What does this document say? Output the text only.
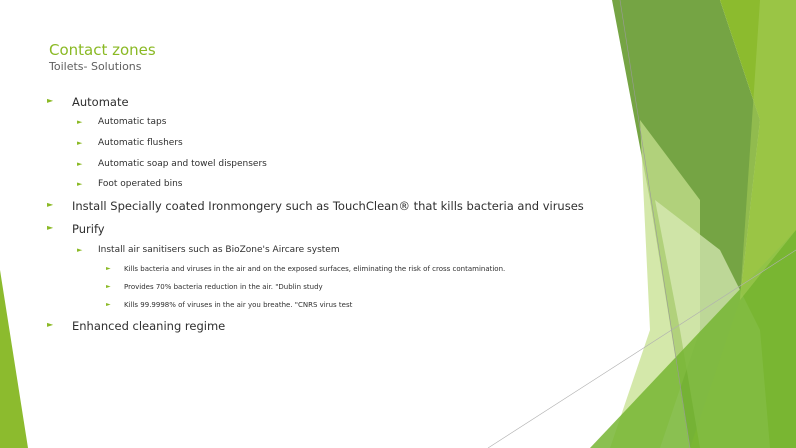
Contact zones
Toilets- Solutions
► Automate
► Automatic taps
► Automatic flushers
► Automatic soap and towel dispensers
► Foot operated bins
► Install Specially coated Ironmongery such as TouchClean® that kills bacteria and viruses
► Purify
► Install air sanitisers such as BioZone's Aircare system
► Kills bacteria and viruses in the air and on the exposed surfaces, eliminating the risk of cross contamination.
► Provides 70% bacteria reduction in the air. "Dublin study
► Kills 99.9998% of viruses in the air you breathe. "CNRS virus test
► Enhanced cleaning regime
